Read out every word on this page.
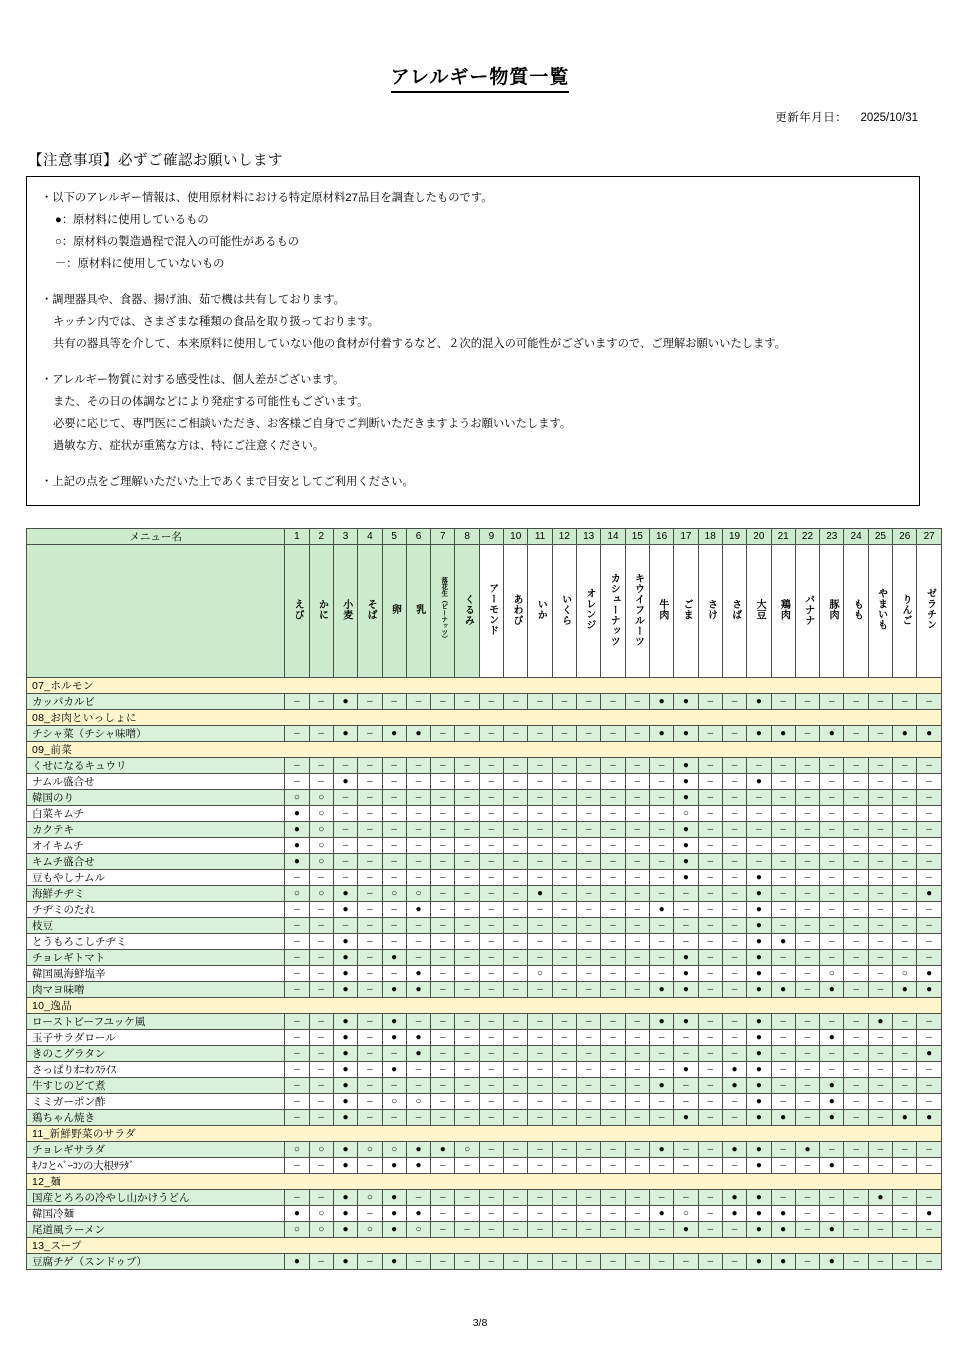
アレルギー物質一覧
更新年月日： 2025/10/31
【注意事項】必ずご確認お願いします
・以下のアレルギー情報は、使用原材料における特定原材料27品目を調査したものです。
●：原材料に使用しているもの
○：原材料の製造過程で混入の可能性があるもの
－：原材料に使用していないもの
・調理器具や、食器、揚げ油、茹で機は共有しております。
キッチン内では、さまざまな種類の食品を取り扱っております。
共有の器具等を介して、本来原料に使用していない他の食材が付着するなど、２次的混入の可能性がございますので、ご理解お願いいたします。
・アレルギー物質に対する感受性は、個人差がございます。
また、その日の体調などにより発症する可能性もございます。
必要に応じて、専門医にご相談いただき、お客様ご自身でご判断いただきますようお願いいたします。
過敏な方、症状が重篤な方は、特にご注意ください。
・上記の点をご理解いただいた上であくまで目安としてご利用ください。
メニュー名	1	2	3	4	5	6	7	8	9	10	11	12	13	14	15	16	17	18	19	20	21	22	23	24	25	26	27
	えび	かに	小麦	そば	卵	乳	落花生（ピーナッツ）	くるみ	アーモンド	あわび	いか	いくら	オレンジ	カシューナッツ	キウイフルーツ	牛肉	ごま	さけ	さば	大豆	鶏肉	バナナ	豚肉	もも	やまいも	りんご	ゼラチン
07_ホルモン																											
カッパカルビ	–	–	●	–	–	–	–	–	–	–	–	–	–	–	–	●	●	–	–	●	–	–	–	–	–	–	–
08_お肉といっしょに																											
チシャ菜（チシャ味噌）	–	–	●	–	●	●	–	–	–	–	–	–	–	–	–	●	●	–	–	●	●	–	●	–	–	●	●
09_前菜																											
くせになるキュウリ	–	–	–	–	–	–	–	–	–	–	–	–	–	–	–	–	●	–	–	–	–	–	–	–	–	–	–
ナムル盛合せ	–	–	●	–	–	–	–	–	–	–	–	–	–	–	–	–	●	–	–	●	–	–	–	–	–	–	–
韓国のり	○	○	–	–	–	–	–	–	–	–	–	–	–	–	–	–	●	–	–	–	–	–	–	–	–	–	–
白菜キムチ	●	○	–	–	–	–	–	–	–	–	–	–	–	–	–	–	○	–	–	–	–	–	–	–	–	–	–
カクテキ	●	○	–	–	–	–	–	–	–	–	–	–	–	–	–	–	●	–	–	–	–	–	–	–	–	–	–
オイキムチ	●	○	–	–	–	–	–	–	–	–	–	–	–	–	–	–	●	–	–	–	–	–	–	–	–	–	–
キムチ盛合せ	●	○	–	–	–	–	–	–	–	–	–	–	–	–	–	–	●	–	–	–	–	–	–	–	–	–	–
豆もやしナムル	–	–	–	–	–	–	–	–	–	–	–	–	–	–	–	–	●	–	–	●	–	–	–	–	–	–	–
海鮮チヂミ	○	○	●	–	○	○	–	–	–	–	●	–	–	–	–	–	–	–	–	●	–	–	–	–	–	–	●
チヂミのたれ	–	–	●	–	–	●	–	–	–	–	–	–	–	–	–	●	–	–	–	●	–	–	–	–	–	–	–
枝豆	–	–	–	–	–	–	–	–	–	–	–	–	–	–	–	–	–	–	–	●	–	–	–	–	–	–	–
とうもろこしチヂミ	–	–	●	–	–	–	–	–	–	–	–	–	–	–	–	–	–	–	–	●	●	–	–	–	–	–	–
チョレギトマト	–	–	●	–	●	–	–	–	–	–	–	–	–	–	–	–	●	–	–	●	–	–	–	–	–	–	–
韓国風海鮮塩辛	–	–	●	–	–	●	–	–	–	–	○	–	–	–	–	–	●	–	–	●	–	–	○	–	–	○	●
肉マヨ味噌	–	–	●	–	●	●	–	–	–	–	–	–	–	–	–	●	●	–	–	●	●	–	●	–	–	●	●
10_逸品																											
ローストビーフユッケ風	–	–	●	–	●	–	–	–	–	–	–	–	–	–	–	●	●	–	–	●	–	–	–	–	●	–	–
玉子サラダロール	–	–	●	–	●	●	–	–	–	–	–	–	–	–	–	–	–	–	–	●	–	–	●	–	–	–	–
きのこグラタン	–	–	●	–	–	●	–	–	–	–	–	–	–	–	–	–	–	–	–	●	–	–	–	–	–	–	●
さっぱりｵﾆｵﾝｽﾗｲｽ	–	–	●	–	●	–	–	–	–	–	–	–	–	–	–	–	●	–	●	●	–	–	–	–	–	–	–
牛すじのどて煮	–	–	●	–	–	–	–	–	–	–	–	–	–	–	–	●	–	–	●	●	–	–	●	–	–	–	–
ミミガーポン酢	–	–	●	–	○	○	–	–	–	–	–	–	–	–	–	–	–	–	–	●	–	–	●	–	–	–	–
鶏ちゃん焼き	–	–	●	–	–	–	–	–	–	–	–	–	–	–	–	–	●	–	–	●	●	–	●	–	–	●	●
11_新鮮野菜のサラダ																											
チョレギサラダ	○	○	●	○	○	●	●	○	–	–	–	–	–	–	–	●	–	–	●	●	–	●	–	–	–	–	–
ｷﾉｺとﾍﾞｰｺﾝの大根ｻﾗﾀﾞ	–	–	●	–	●	●	–	–	–	–	–	–	–	–	–	–	–	–	–	●	–	–	●	–	–	–	–
12_麺																											
国産とろろの冷やし山かけうどん	–	–	●	○	●	–	–	–	–	–	–	–	–	–	–	–	–	–	●	●	–	–	–	–	●	–	–
韓国冷麺	●	○	●	–	●	●	–	–	–	–	–	–	–	–	–	●	○	–	●	●	●	–	–	–	–	–	●
尾道風ラーメン	○	○	●	○	●	○	–	–	–	–	–	–	–	–	–	–	●	–	–	●	●	–	●	–	–	–	–
13_スープ																											
豆腐チゲ（スンドゥブ）	●	–	●	–	●	–	–	–	–	–	–	–	–	–	–	–	–	–	–	●	●	–	●	–	–	–	–
3/8
